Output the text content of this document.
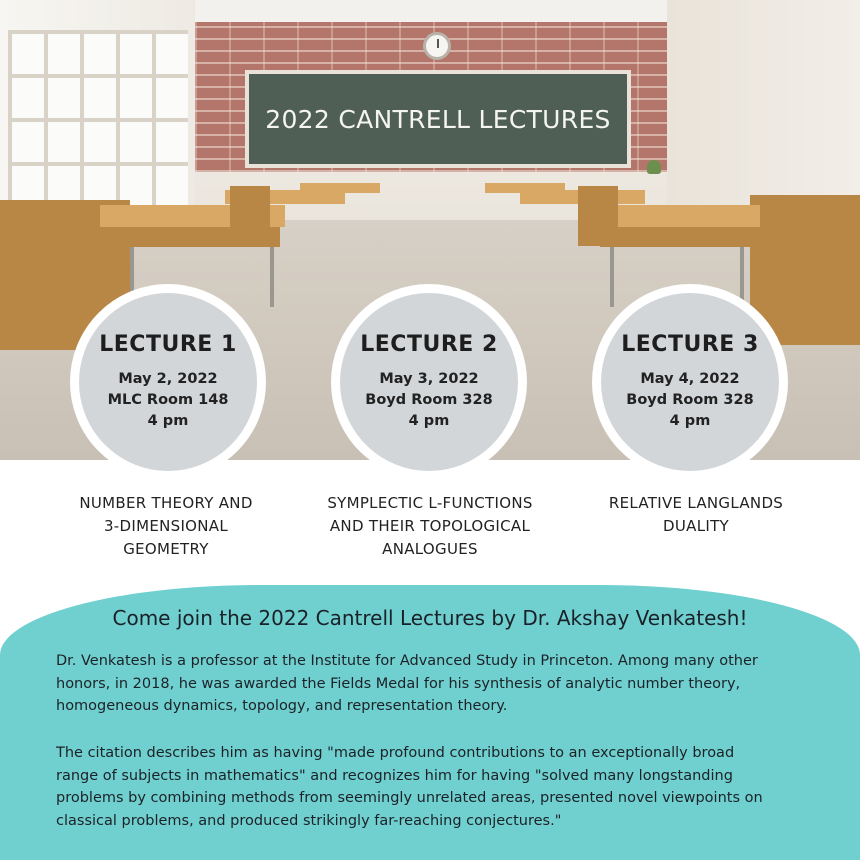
2022 CANTRELL LECTURES
LECTURE 1
May 2, 2022
MLC Room 148
4 pm
LECTURE 2
May 3, 2022
Boyd Room 328
4 pm
LECTURE 3
May 4, 2022
Boyd Room 328
4 pm
NUMBER THEORY AND
3-DIMENSIONAL
GEOMETRY
SYMPLECTIC L-FUNCTIONS
AND THEIR TOPOLOGICAL
ANALOGUES
RELATIVE LANGLANDS
DUALITY
Come join the 2022 Cantrell Lectures by Dr. Akshay Venkatesh!
Dr. Venkatesh is a professor at the Institute for Advanced Study in Princeton. Among many other
honors, in 2018, he was awarded the Fields Medal for his synthesis of analytic number theory,
homogeneous dynamics, topology, and representation theory.
The citation describes him as having "made profound contributions to an exceptionally broad
range of subjects in mathematics" and recognizes him for having "solved many longstanding
problems by combining methods from seemingly unrelated areas, presented novel viewpoints on
classical problems, and produced strikingly far-reaching conjectures."
